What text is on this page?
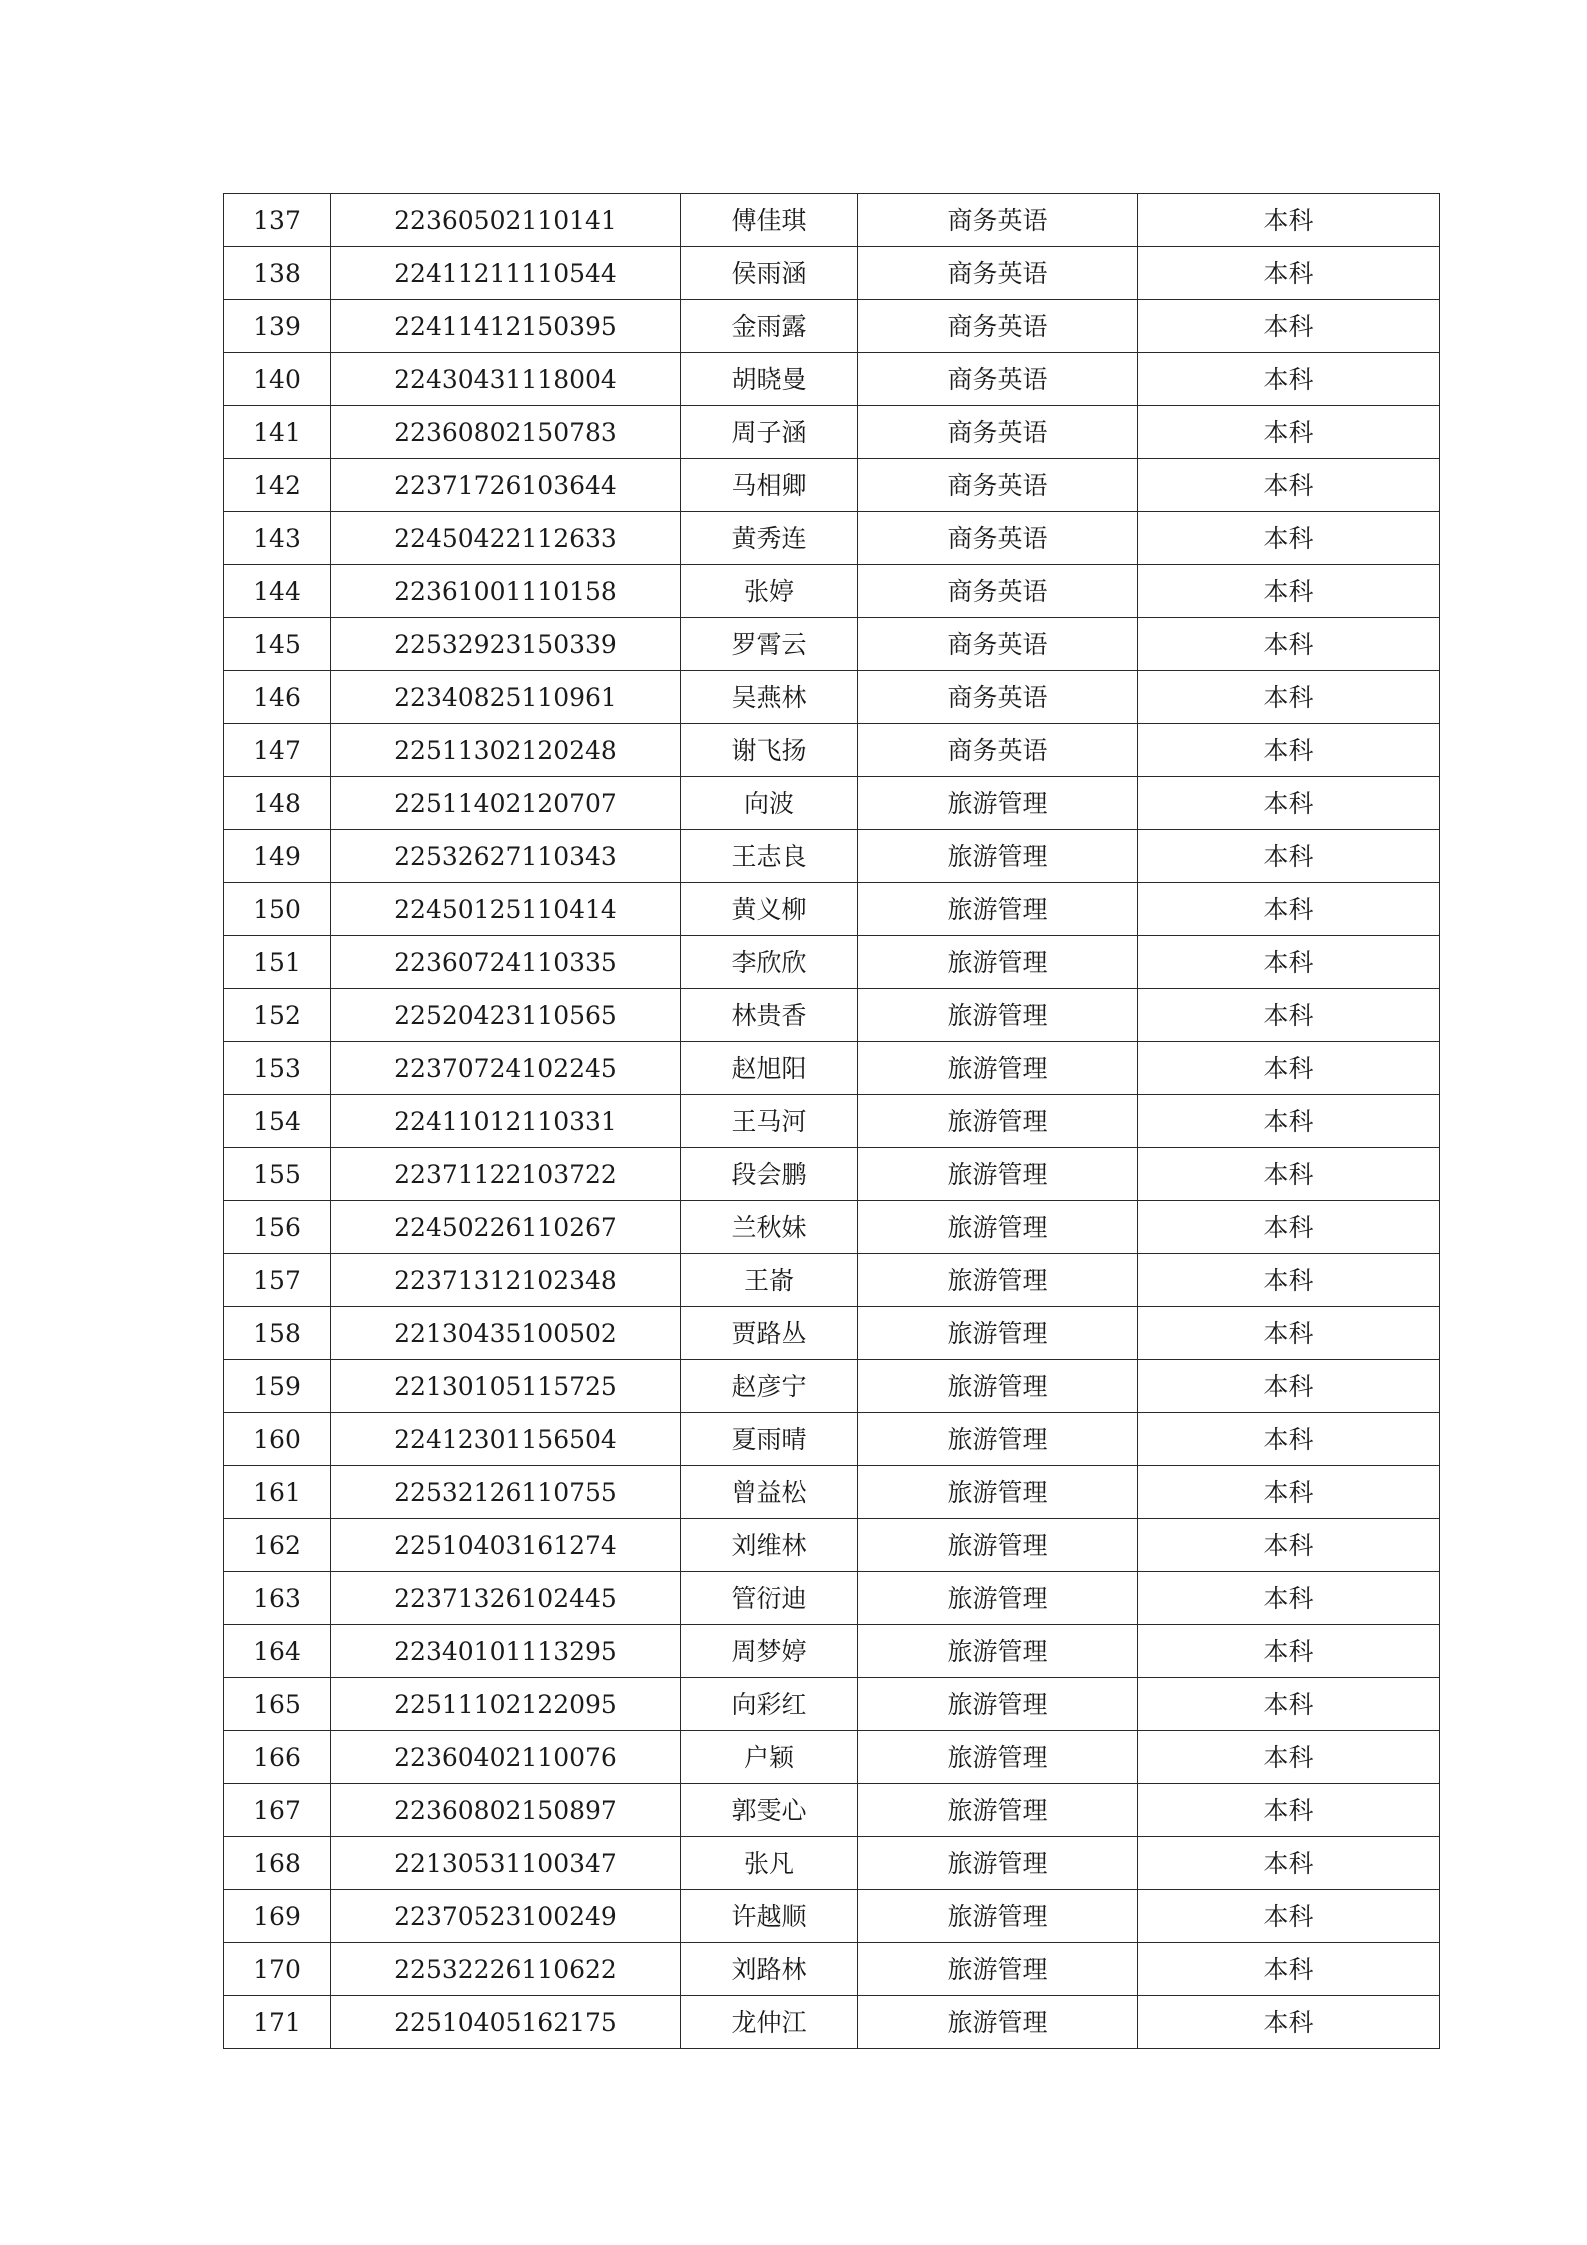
137	22360502110141	傅佳琪	商务英语	本科
138	22411211110544	侯雨涵	商务英语	本科
139	22411412150395	金雨露	商务英语	本科
140	22430431118004	胡晓曼	商务英语	本科
141	22360802150783	周子涵	商务英语	本科
142	22371726103644	马相卿	商务英语	本科
143	22450422112633	黄秀连	商务英语	本科
144	22361001110158	张婷	商务英语	本科
145	22532923150339	罗霄云	商务英语	本科
146	22340825110961	吴燕林	商务英语	本科
147	22511302120248	谢飞扬	商务英语	本科
148	22511402120707	向波	旅游管理	本科
149	22532627110343	王志良	旅游管理	本科
150	22450125110414	黄义柳	旅游管理	本科
151	22360724110335	李欣欣	旅游管理	本科
152	22520423110565	林贵香	旅游管理	本科
153	22370724102245	赵旭阳	旅游管理	本科
154	22411012110331	王马河	旅游管理	本科
155	22371122103722	段会鹏	旅游管理	本科
156	22450226110267	兰秋妹	旅游管理	本科
157	22371312102348	王嵛	旅游管理	本科
158	22130435100502	贾路丛	旅游管理	本科
159	22130105115725	赵彦宁	旅游管理	本科
160	22412301156504	夏雨晴	旅游管理	本科
161	22532126110755	曾益松	旅游管理	本科
162	22510403161274	刘维林	旅游管理	本科
163	22371326102445	管衍迪	旅游管理	本科
164	22340101113295	周梦婷	旅游管理	本科
165	22511102122095	向彩红	旅游管理	本科
166	22360402110076	户颖	旅游管理	本科
167	22360802150897	郭雯心	旅游管理	本科
168	22130531100347	张凡	旅游管理	本科
169	22370523100249	许越顺	旅游管理	本科
170	22532226110622	刘路林	旅游管理	本科
171	22510405162175	龙仲江	旅游管理	本科
